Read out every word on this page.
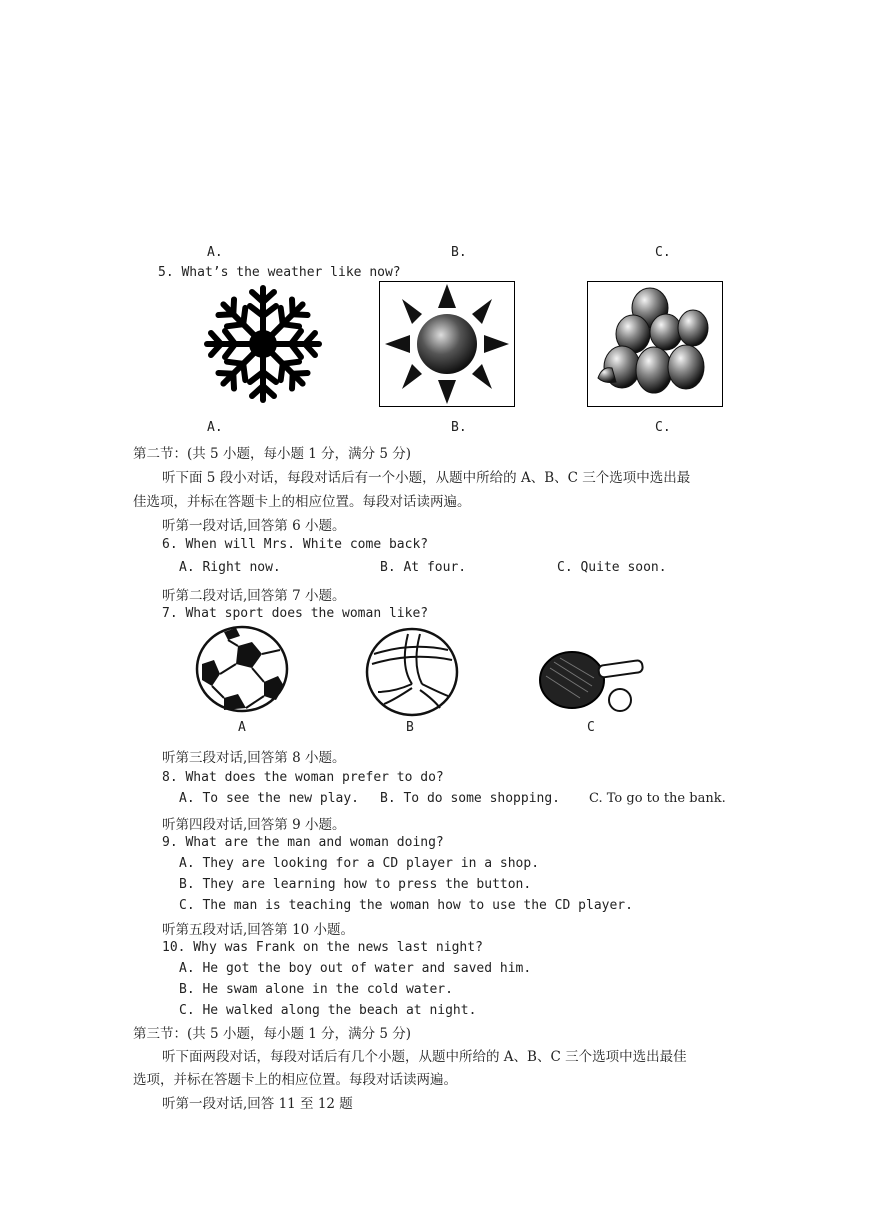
A.	B.	C.
5. What’s the weather like now?
A.	B.	C.
第二节：(共 5 小题，每小题 1 分，满分 5 分)
听下面 5 段小对话，每段对话后有一个小题，从题中所给的 A、B、C 三个选项中选出最
佳选项，并标在答题卡上的相应位置。每段对话读两遍。
听第一段对话,回答第 6 小题。
6. When will Mrs. White come back?
A. Right now.	B. At four.	C. Quite soon.
听第二段对话,回答第 7 小题。
7. What sport does the woman like?
A	B	C
听第三段对话,回答第 8 小题。
8. What does the woman prefer to do?
A. To see the new play. B. To do some shopping. C. To go to the bank.
听第四段对话,回答第 9 小题。
9. What are the man and woman doing?
A. They are looking for a CD player in a shop.
B. They are learning how to press the button.
C. The man is teaching the woman how to use the CD player.
听第五段对话,回答第 10 小题。
10. Why was Frank on the news last night?
A. He got the boy out of water and saved him.
B. He swam alone in the cold water.
C. He walked along the beach at night.
第三节：(共 5 小题，每小题 1 分，满分 5 分)
听下面两段对话，每段对话后有几个小题，从题中所给的 A、B、C 三个选项中选出最佳
选项，并标在答题卡上的相应位置。每段对话读两遍。
听第一段对话,回答 11 至 12 题
